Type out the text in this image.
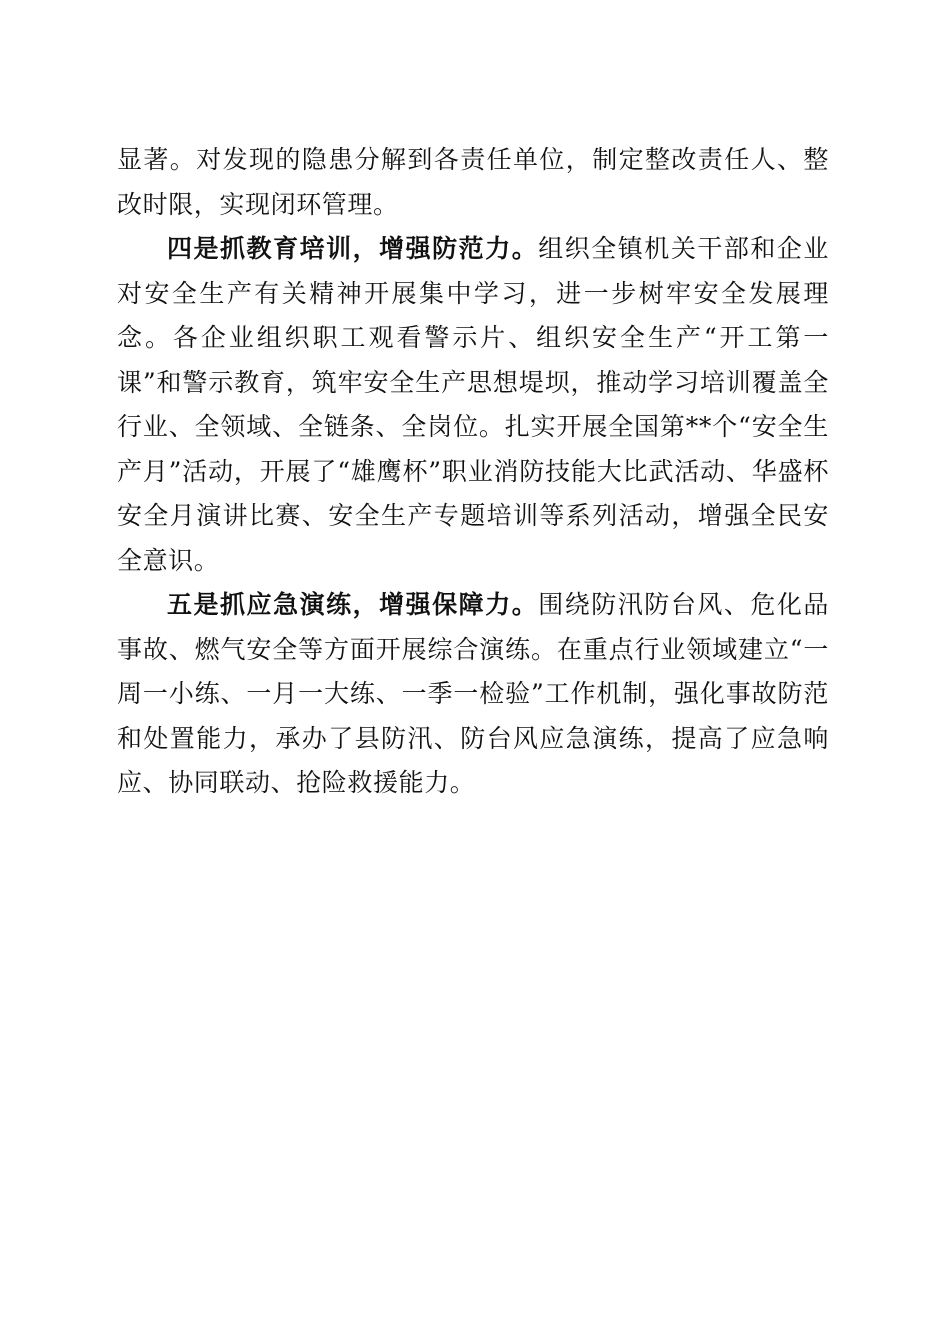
显著。对发现的隐患分解到各责任单位，制定整改责任人、整改时限，实现闭环管理。

四是抓教育培训，增强防范力。组织全镇机关干部和企业对安全生产有关精神开展集中学习，进一步树牢安全发展理念。各企业组织职工观看警示片、组织安全生产“开工第一课”和警示教育，筑牢安全生产思想堤坝，推动学习培训覆盖全行业、全领域、全链条、全岗位。扎实开展全国第**个“安全生产月”活动，开展了“雄鹰杯”职业消防技能大比武活动、华盛杯安全月演讲比赛、安全生产专题培训等系列活动，增强全民安全意识。

五是抓应急演练，增强保障力。围绕防汛防台风、危化品事故、燃气安全等方面开展综合演练。在重点行业领域建立“一周一小练、一月一大练、一季一检验”工作机制，强化事故防范和处置能力，承办了县防汛、防台风应急演练，提高了应急响应、协同联动、抢险救援能力。
